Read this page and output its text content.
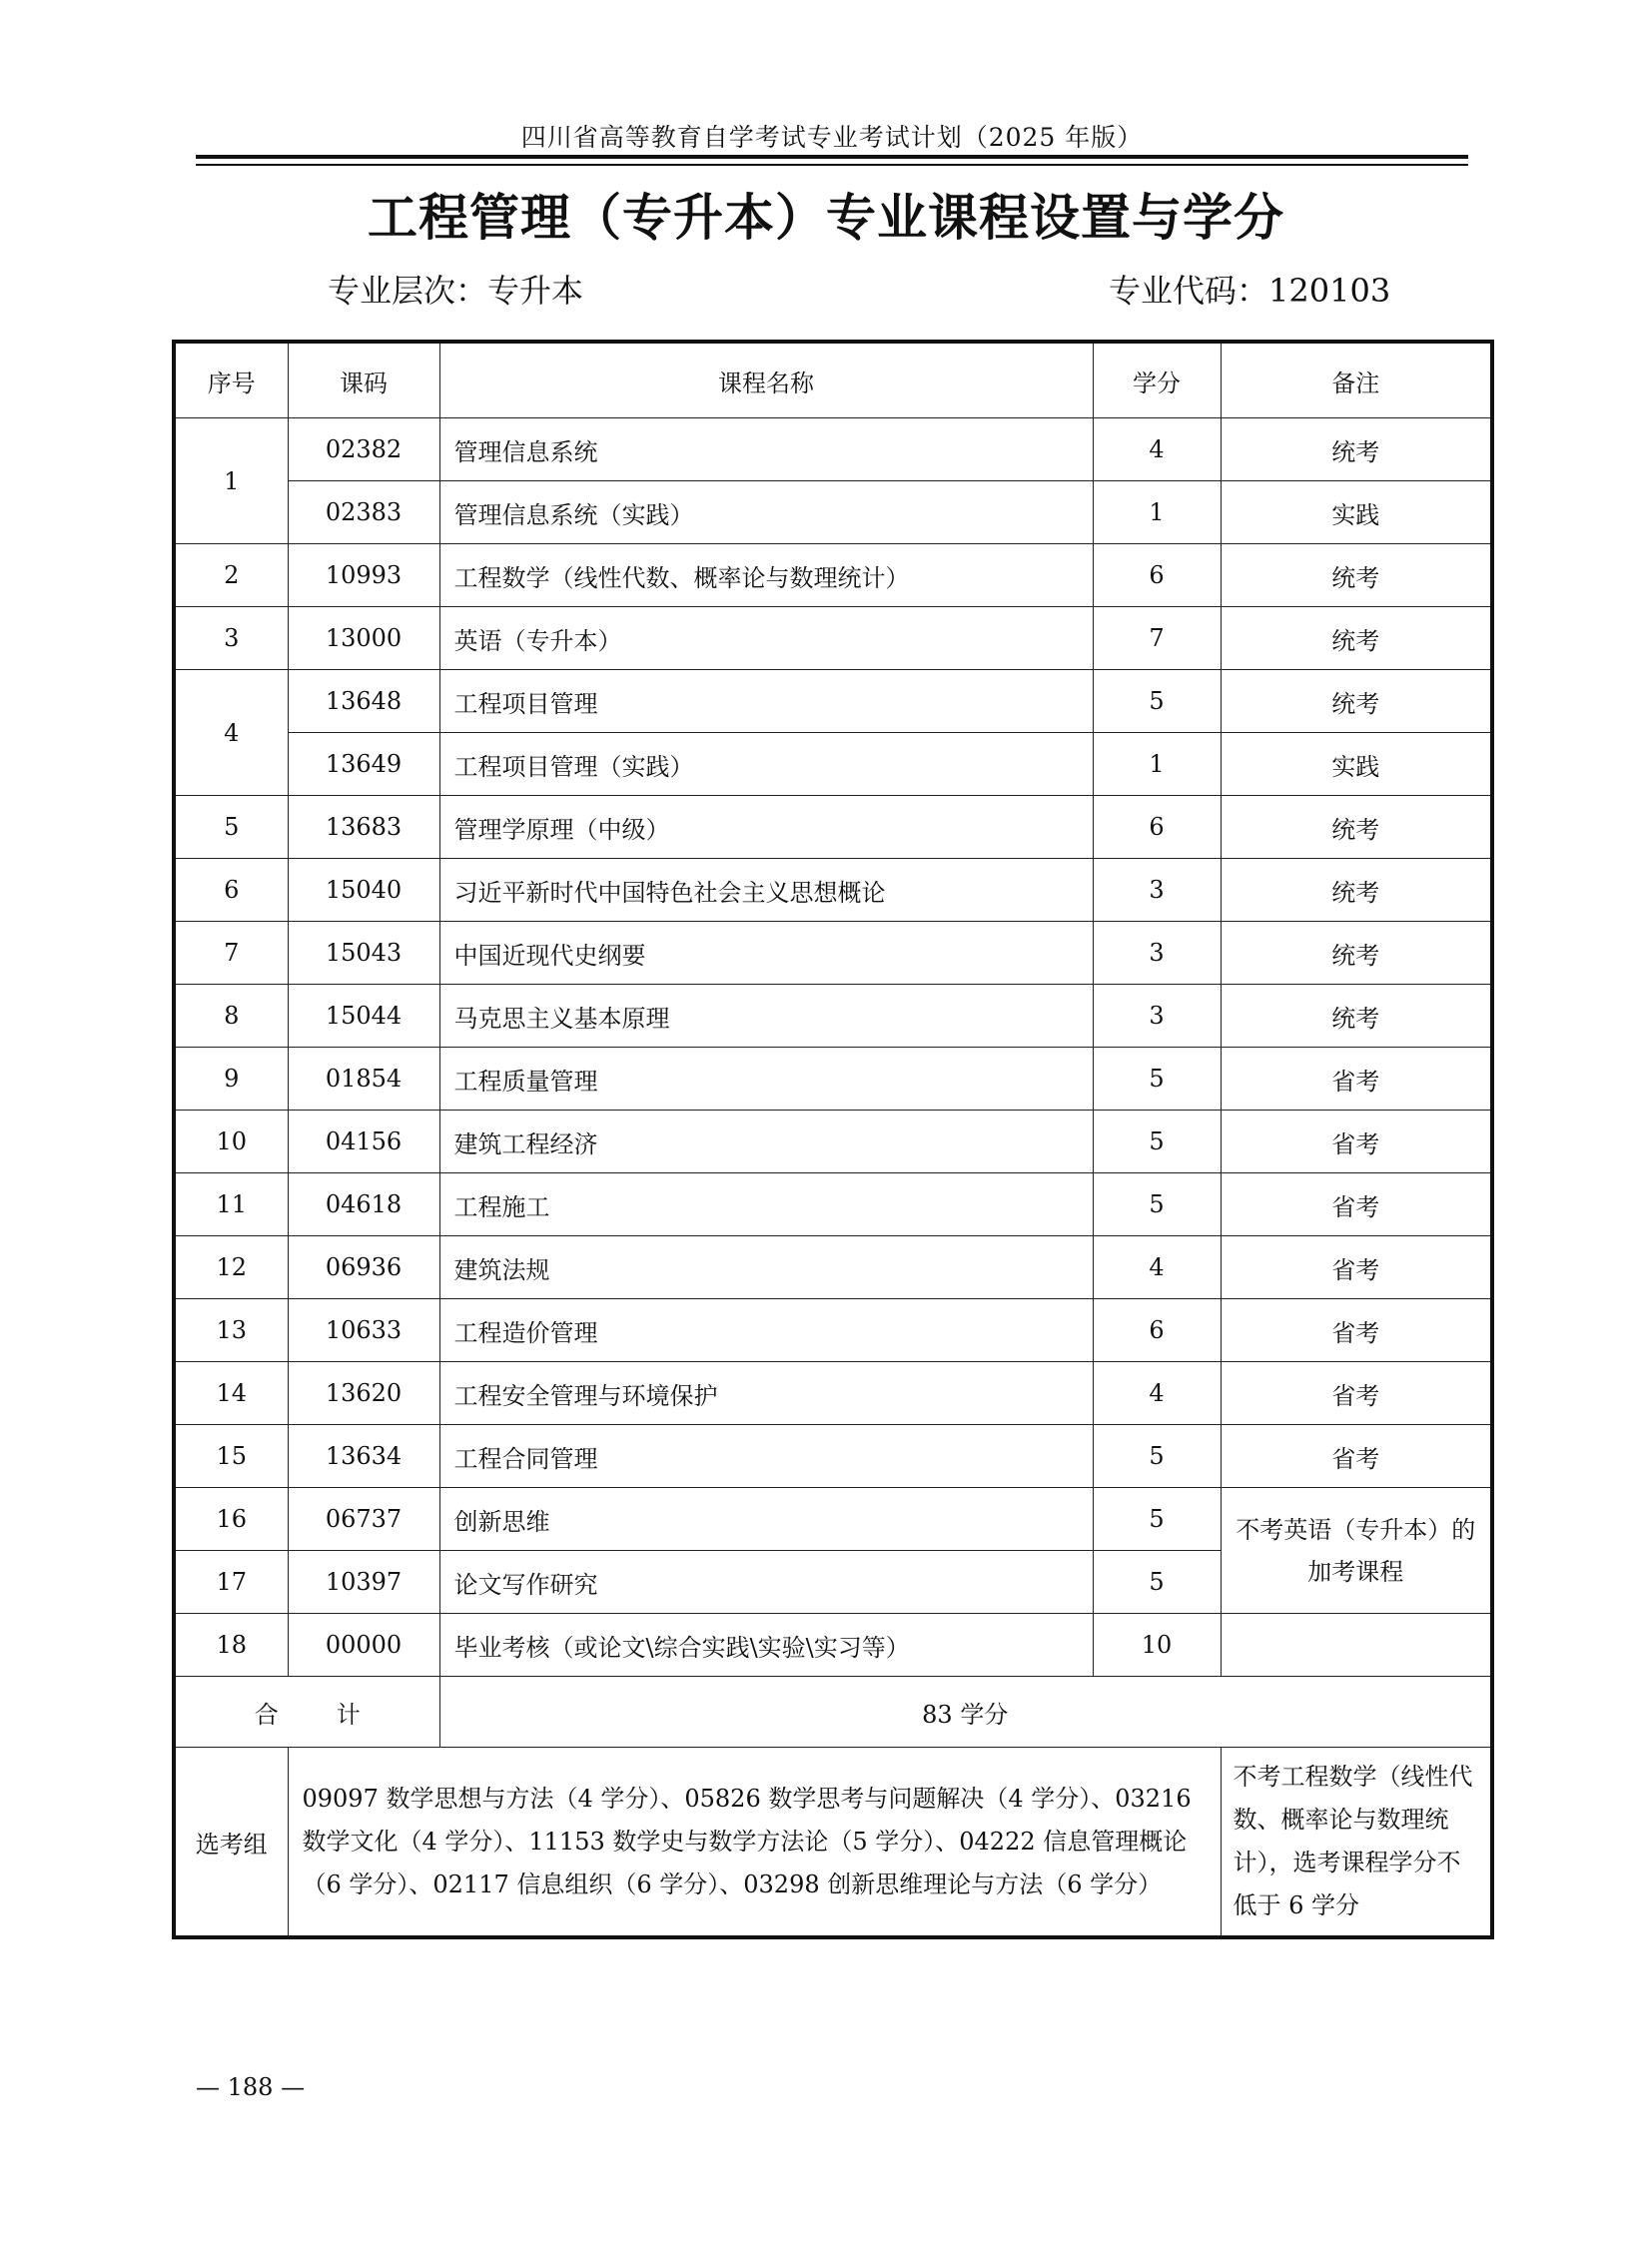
四川省高等教育自学考试专业考试计划（2025 年版）
工程管理（专升本）专业课程设置与学分
专业层次：专升本	专业代码：120103
序号	课码	课程名称	学分	备注
1	02382	管理信息系统	4	统考
	02383	管理信息系统（实践）	1	实践
2	10993	工程数学（线性代数、概率论与数理统计）	6	统考
3	13000	英语（专升本）	7	统考
4	13648	工程项目管理	5	统考
	13649	工程项目管理（实践）	1	实践
5	13683	管理学原理（中级）	6	统考
6	15040	习近平新时代中国特色社会主义思想概论	3	统考
7	15043	中国近现代史纲要	3	统考
8	15044	马克思主义基本原理	3	统考
9	01854	工程质量管理	5	省考
10	04156	建筑工程经济	5	省考
11	04618	工程施工	5	省考
12	06936	建筑法规	4	省考
13	10633	工程造价管理	6	省考
14	13620	工程安全管理与环境保护	4	省考
15	13634	工程合同管理	5	省考
16	06737	创新思维	5	不考英语（专升本）的
加考课程
17	10397	论文写作研究	5	
18	00000	毕业考核（或论文\综合实践\实验\实习等）	10	
合计		83 学分		
选考组	09097 数学思想与方法（4 学分）、05826 数学思考与问题解决（4 学分）、03216
数学文化（4 学分）、11153 数学史与数学方法论（5 学分）、04222 信息管理概论
（6 学分）、02117 信息组织（6 学分）、03298 创新思维理论与方法（6 学分）			不考工程数学（线性代
数、概率论与数理统
计），选考课程学分不
低于 6 学分
— 188 —
